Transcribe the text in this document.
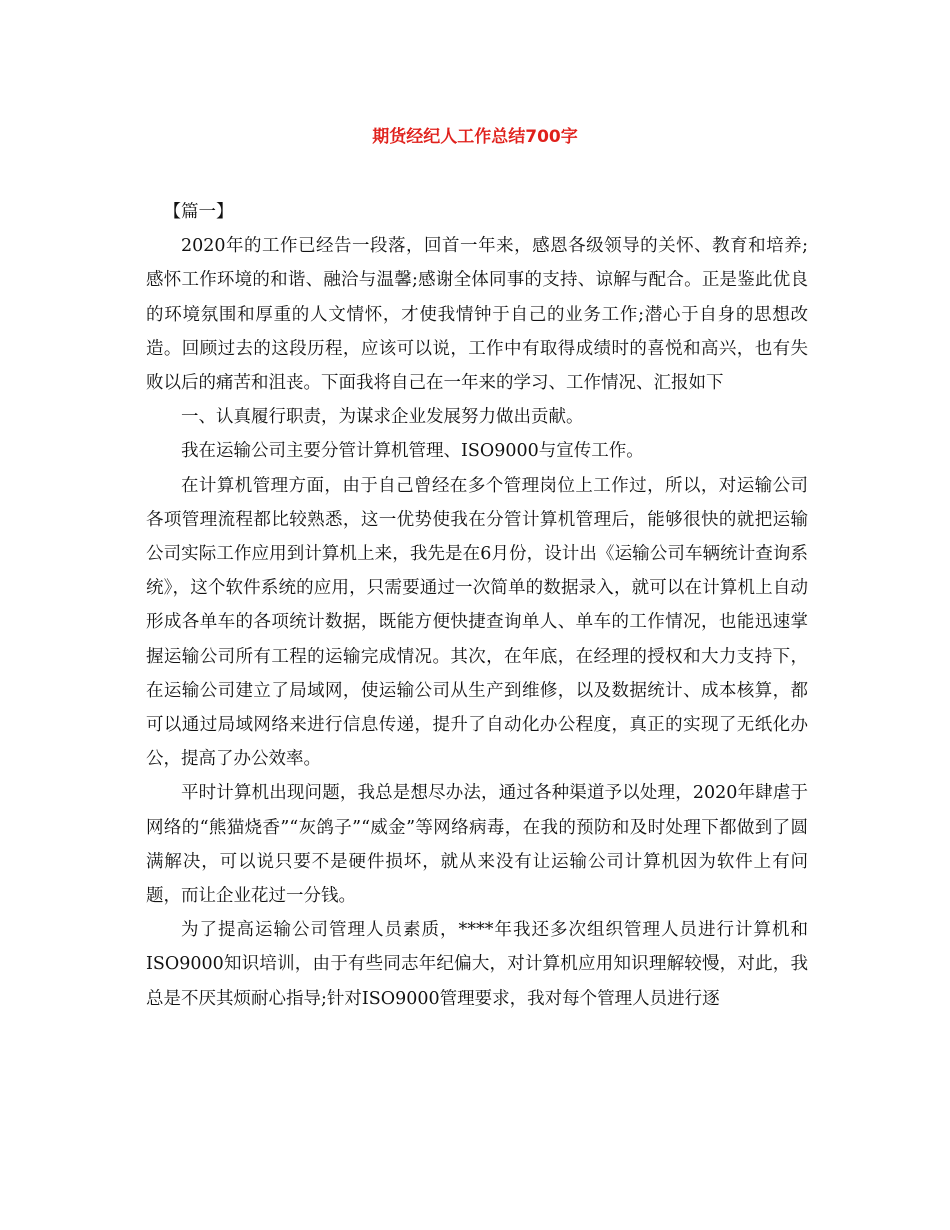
期货经纪人工作总结700字

【篇一】

2020年的工作已经告一段落，回首一年来，感恩各级领导的关怀、教育和培养;感怀工作环境的和谐、融洽与温馨;感谢全体同事的支持、谅解与配合。正是鉴此优良的环境氛围和厚重的人文情怀，才使我情钟于自己的业务工作;潜心于自身的思想改造。回顾过去的这段历程，应该可以说，工作中有取得成绩时的喜悦和高兴，也有失败以后的痛苦和沮丧。下面我将自己在一年来的学习、工作情况、汇报如下

一、认真履行职责，为谋求企业发展努力做出贡献。

我在运输公司主要分管计算机管理、ISO9000与宣传工作。

在计算机管理方面，由于自己曾经在多个管理岗位上工作过，所以，对运输公司各项管理流程都比较熟悉，这一优势使我在分管计算机管理后，能够很快的就把运输公司实际工作应用到计算机上来，我先是在6月份，设计出《运输公司车辆统计查询系统》，这个软件系统的应用，只需要通过一次简单的数据录入，就可以在计算机上自动形成各单车的各项统计数据，既能方便快捷查询单人、单车的工作情况，也能迅速掌握运输公司所有工程的运输完成情况。其次，在年底，在经理的授权和大力支持下，在运输公司建立了局域网，使运输公司从生产到维修，以及数据统计、成本核算，都可以通过局域网络来进行信息传递，提升了自动化办公程度，真正的实现了无纸化办公，提高了办公效率。

平时计算机出现问题，我总是想尽办法，通过各种渠道予以处理，2020年肆虐于网络的“熊猫烧香”“灰鸽子”“威金”等网络病毒，在我的预防和及时处理下都做到了圆满解决，可以说只要不是硬件损坏，就从来没有让运输公司计算机因为软件上有问题，而让企业花过一分钱。

为了提高运输公司管理人员素质，****年我还多次组织管理人员进行计算机和ISO9000知识培训，由于有些同志年纪偏大，对计算机应用知识理解较慢，对此，我总是不厌其烦耐心指导;针对ISO9000管理要求，我对每个管理人员进行逐
